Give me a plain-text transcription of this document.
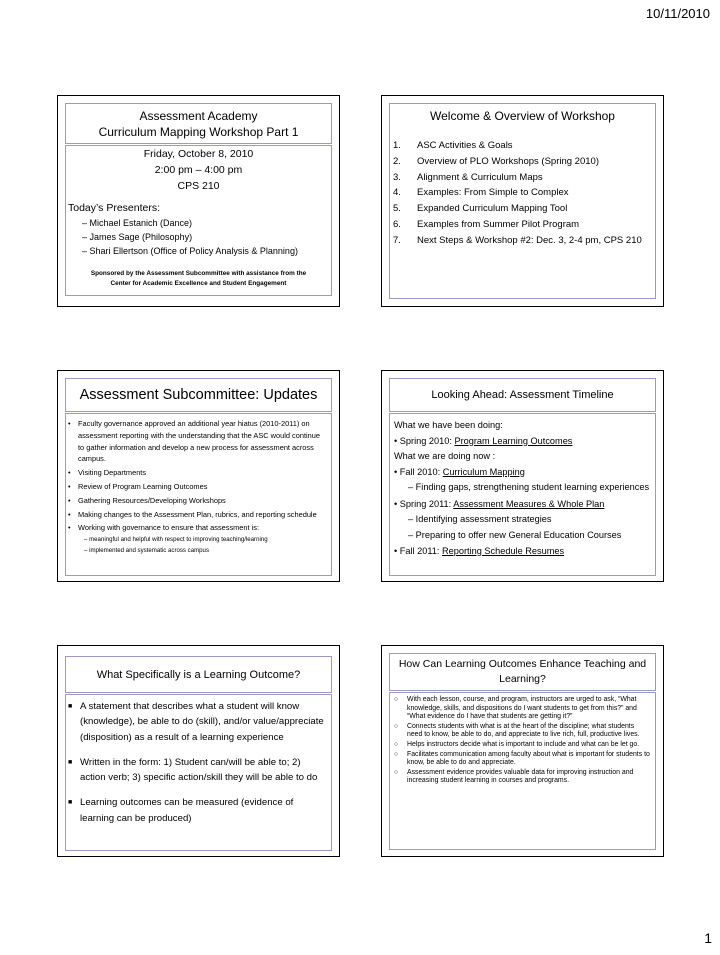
10/11/2010
Assessment Academy
Curriculum Mapping Workshop Part 1
Friday, October 8, 2010
2:00 pm – 4:00 pm
CPS 210
Today’s Presenters:
– Michael Estanich (Dance)
– James Sage (Philosophy)
– Shari Ellertson (Office of Policy Analysis & Planning)
Sponsored by the Assessment Subcommittee with assistance from the
Center for Academic Excellence and Student Engagement
Welcome & Overview of Workshop
1.	ASC Activities & Goals
2.	Overview of PLO Workshops (Spring 2010)
3.	Alignment & Curriculum Maps
4.	Examples: From Simple to Complex
5.	Expanded Curriculum Mapping Tool
6.	Examples from Summer Pilot Program
7.	Next Steps & Workshop #2: Dec. 3, 2-4 pm, CPS 210
Assessment Subcommittee: Updates
•	Faculty governance approved an additional year hiatus (2010-2011) on assessment reporting with the understanding that the ASC would continue to gather information and develop a new process for assessment across campus.
•	Visiting Departments
•	Review of Program Learning Outcomes
•	Gathering Resources/Developing Workshops
•	Making changes to the Assessment Plan, rubrics, and reporting schedule
•	Working with governance to ensure that assessment is:
– meaningful and helpful with respect to improving teaching/learning
– implemented and systematic across campus
Looking Ahead: Assessment Timeline
What we have been doing:
• Spring 2010: Program Learning Outcomes
What we are doing now :
• Fall 2010: Curriculum Mapping
– Finding gaps, strengthening student learning experiences
• Spring 2011: Assessment Measures & Whole Plan
– Identifying assessment strategies
– Preparing to offer new General Education Courses
• Fall 2011: Reporting Schedule Resumes
What Specifically is a Learning Outcome?
■ A statement that describes what a student will know (knowledge), be able to do (skill), and/or value/appreciate (disposition) as a result of a learning experience
■ Written in the form: 1) Student can/will be able to; 2) action verb; 3) specific action/skill they will be able to do
■ Learning outcomes can be measured (evidence of learning can be produced)
How Can Learning Outcomes Enhance Teaching and Learning?
○	With each lesson, course, and program, instructors are urged to ask, “What knowledge, skills, and dispositions do I want students to get from this?” and “What evidence do I have that students are getting it?”
○	Connects students with what is at the heart of the discipline; what students need to know, be able to do, and appreciate to live rich, full, productive lives.
○	Helps instructors decide what is important to include and what can be let go.
○	Facilitates communication among faculty about what is important for students to know, be able to do and appreciate.
○	Assessment evidence provides valuable data for improving instruction and increasing student learning in courses and programs.
1
